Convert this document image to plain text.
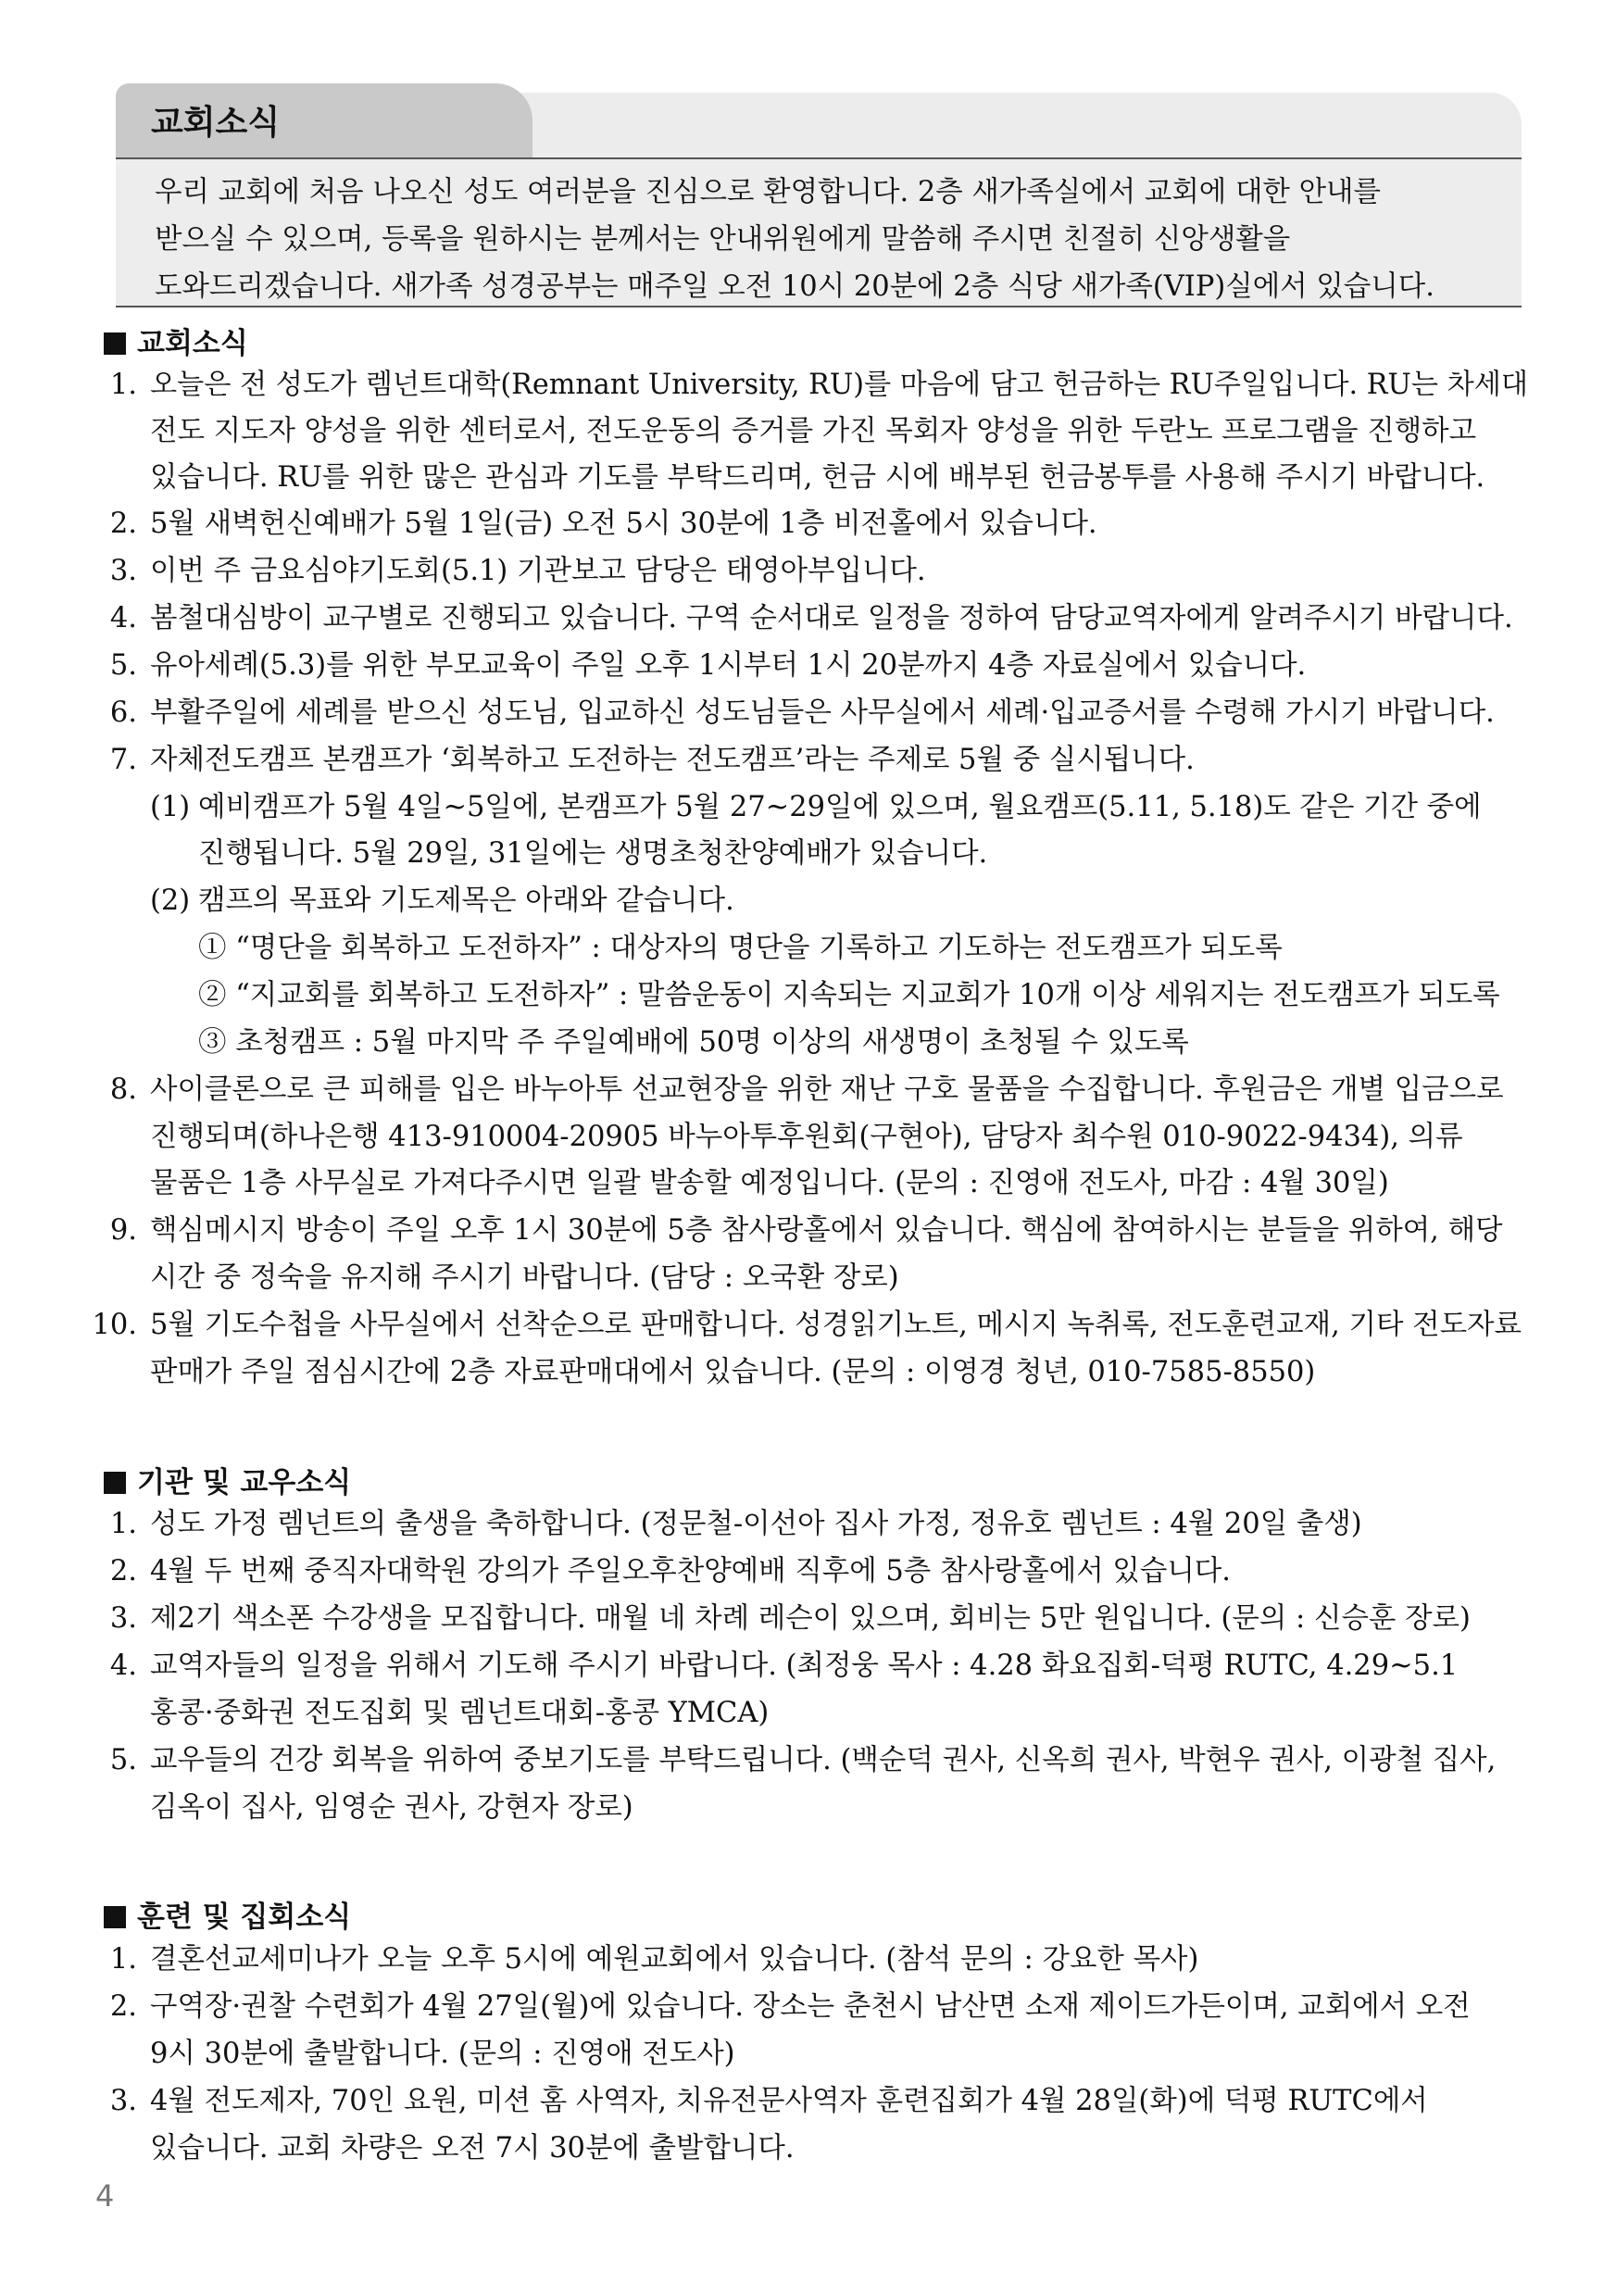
교회소식

우리 교회에 처음 나오신 성도 여러분을 진심으로 환영합니다. 2층 새가족실에서 교회에 대한 안내를

받으실 수 있으며, 등록을 원하시는 분께서는 안내위원에게 말씀해 주시면 친절히 신앙생활을

도와드리겠습니다. 새가족 성경공부는 매주일 오전 10시 20분에 2층 식당 새가족(VIP)실에서 있습니다.

교회소식
1. 오늘은 전 성도가 렘넌트대학(Remnant University, RU)를 마음에 담고 헌금하는 RU주일입니다. RU는 차세대
전도 지도자 양성을 위한 센터로서, 전도운동의 증거를 가진 목회자 양성을 위한 두란노 프로그램을 진행하고
있습니다. RU를 위한 많은 관심과 기도를 부탁드리며, 헌금 시에 배부된 헌금봉투를 사용해 주시기 바랍니다.
2. 5월 새벽헌신예배가 5월 1일(금) 오전 5시 30분에 1층 비전홀에서 있습니다.
3. 이번 주 금요심야기도회(5.1) 기관보고 담당은 태영아부입니다.
4. 봄철대심방이 교구별로 진행되고 있습니다. 구역 순서대로 일정을 정하여 담당교역자에게 알려주시기 바랍니다.
5. 유아세례(5.3)를 위한 부모교육이 주일 오후 1시부터 1시 20분까지 4층 자료실에서 있습니다.
6. 부활주일에 세례를 받으신 성도님, 입교하신 성도님들은 사무실에서 세례·입교증서를 수령해 가시기 바랍니다.
7. 자체전도캠프 본캠프가 ‘회복하고 도전하는 전도캠프’라는 주제로 5월 중 실시됩니다.
(1) 예비캠프가 5월 4일~5일에, 본캠프가 5월 27~29일에 있으며, 월요캠프(5.11, 5.18)도 같은 기간 중에
진행됩니다. 5월 29일, 31일에는 생명초청찬양예배가 있습니다.
(2) 캠프의 목표와 기도제목은 아래와 같습니다.
① “명단을 회복하고 도전하자” : 대상자의 명단을 기록하고 기도하는 전도캠프가 되도록
② “지교회를 회복하고 도전하자” : 말씀운동이 지속되는 지교회가 10개 이상 세워지는 전도캠프가 되도록
③ 초청캠프 : 5월 마지막 주 주일예배에 50명 이상의 새생명이 초청될 수 있도록
8. 사이클론으로 큰 피해를 입은 바누아투 선교현장을 위한 재난 구호 물품을 수집합니다. 후원금은 개별 입금으로
진행되며(하나은행 413-910004-20905 바누아투후원회(구현아), 담당자 최수원 010-9022-9434), 의류
물품은 1층 사무실로 가져다주시면 일괄 발송할 예정입니다. (문의 : 진영애 전도사, 마감 : 4월 30일)
9. 핵심메시지 방송이 주일 오후 1시 30분에 5층 참사랑홀에서 있습니다. 핵심에 참여하시는 분들을 위하여, 해당
시간 중 정숙을 유지해 주시기 바랍니다. (담당 : 오국환 장로)
10. 5월 기도수첩을 사무실에서 선착순으로 판매합니다. 성경읽기노트, 메시지 녹취록, 전도훈련교재, 기타 전도자료
판매가 주일 점심시간에 2층 자료판매대에서 있습니다. (문의 : 이영경 청년, 010-7585-8550)
기관 및 교우소식
1. 성도 가정 렘넌트의 출생을 축하합니다. (정문철-이선아 집사 가정, 정유호 렘넌트 : 4월 20일 출생)
2. 4월 두 번째 중직자대학원 강의가 주일오후찬양예배 직후에 5층 참사랑홀에서 있습니다.
3. 제2기 색소폰 수강생을 모집합니다. 매월 네 차례 레슨이 있으며, 회비는 5만 원입니다. (문의 : 신승훈 장로)
4. 교역자들의 일정을 위해서 기도해 주시기 바랍니다. (최정웅 목사 : 4.28 화요집회-덕평 RUTC, 4.29~5.1
홍콩·중화권 전도집회 및 렘넌트대회-홍콩 YMCA)
5. 교우들의 건강 회복을 위하여 중보기도를 부탁드립니다. (백순덕 권사, 신옥희 권사, 박현우 권사, 이광철 집사,
김옥이 집사, 임영순 권사, 강현자 장로)
훈련 및 집회소식
1. 결혼선교세미나가 오늘 오후 5시에 예원교회에서 있습니다. (참석 문의 : 강요한 목사)
2. 구역장·권찰 수련회가 4월 27일(월)에 있습니다. 장소는 춘천시 남산면 소재 제이드가든이며, 교회에서 오전
9시 30분에 출발합니다. (문의 : 진영애 전도사)
3. 4월 전도제자, 70인 요원, 미션 홈 사역자, 치유전문사역자 훈련집회가 4월 28일(화)에 덕평 RUTC에서
있습니다. 교회 차량은 오전 7시 30분에 출발합니다.
4
